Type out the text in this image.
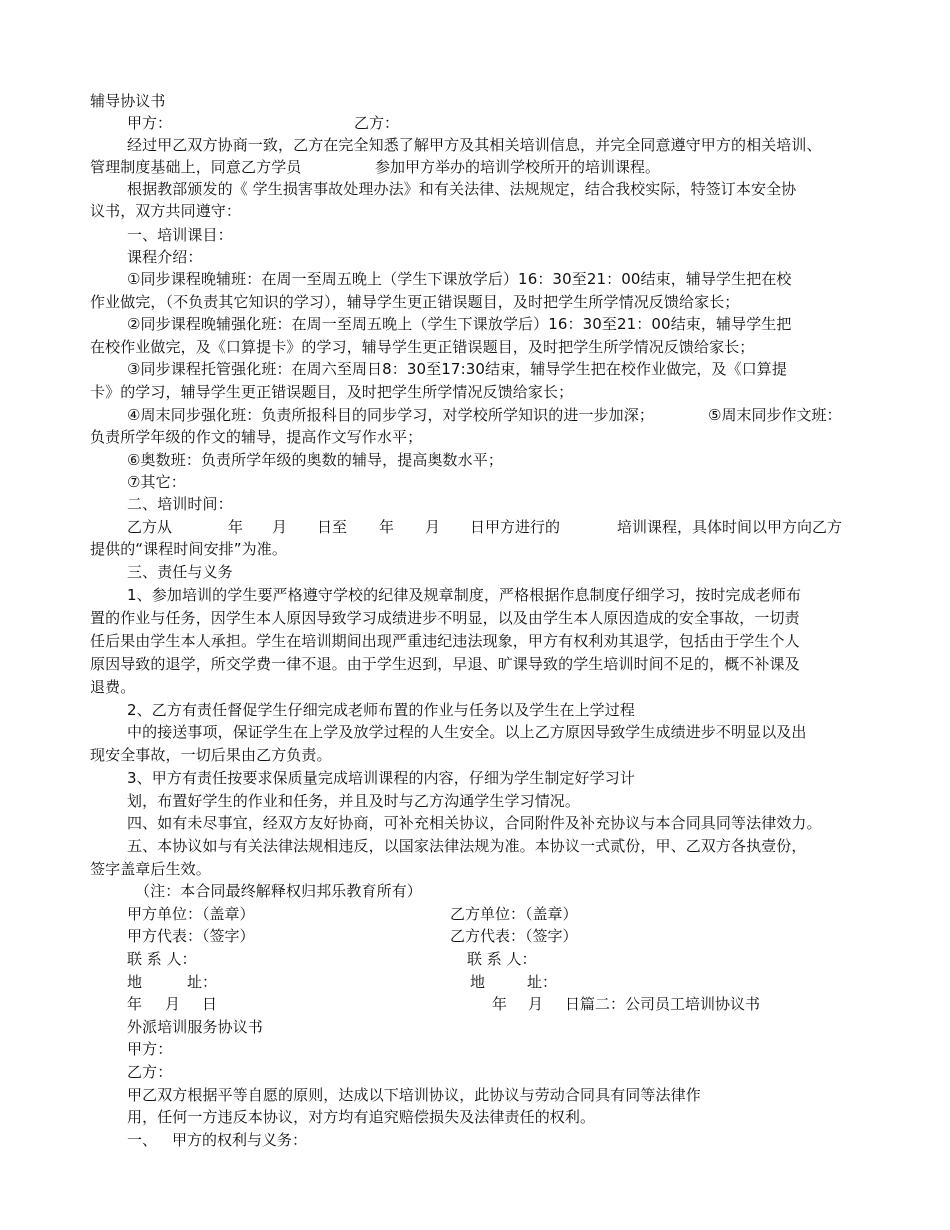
辅导协议书
甲方：	乙方：
经过甲乙双方协商一致，乙方在完全知悉了解甲方及其相关培训信息，并完全同意遵守甲方的相关培训、
管理制度基础上，同意乙方学员	参加甲方举办的培训学校所开的培训课程。
根据教部颁发的《 学生损害事故处理办法》和有关法律、法规规定，结合我校实际，特签订本安全协
议书，双方共同遵守：
一、培训课目：
课程介绍：
①同步课程晚辅班：在周一至周五晚上（学生下课放学后）16：30至21：00结束，辅导学生把在校
作业做完，（不负责其它知识的学习），辅导学生更正错误题目，及时把学生所学情况反馈给家长；
②同步课程晚辅强化班：在周一至周五晚上（学生下课放学后）16：30至21：00结束，辅导学生把
在校作业做完，及《口算提卡》的学习，辅导学生更正错误题目，及时把学生所学情况反馈给家长；
③同步课程托管强化班：在周六至周日8：30至17:30结束，辅导学生把在校作业做完，及《口算提
卡》的学习，辅导学生更正错误题目，及时把学生所学情况反馈给家长；
④周末同步强化班：负责所报科目的同步学习，对学校所学知识的进一步加深；	⑤周末同步作文班：
负责所学年级的作文的辅导，提高作文写作水平；
⑥奥数班：负责所学年级的奥数的辅导，提高奥数水平；
⑦其它：
二、培训时间：
乙方从	年 月 日至 年 月 日甲方进行的	培训课程，具体时间以甲方向乙方
提供的“课程时间安排”为准。
三、责任与义务
1、参加培训的学生要严格遵守学校的纪律及规章制度，严格根据作息制度仔细学习，按时完成老师布
置的作业与任务，因学生本人原因导致学习成绩进步不明显，以及由学生本人原因造成的安全事故，一切责
任后果由学生本人承担。学生在培训期间出现严重违纪违法现象，甲方有权利劝其退学，包括由于学生个人
原因导致的退学，所交学费一律不退。由于学生迟到，早退、旷课导致的学生培训时间不足的，概不补课及
退费。
2、乙方有责任督促学生仔细完成老师布置的作业与任务以及学生在上学过程
中的接送事项，保证学生在上学及放学过程的人生安全。以上乙方原因导致学生成绩进步不明显以及出
现安全事故，一切后果由乙方负责。
3、甲方有责任按要求保质量完成培训课程的内容，仔细为学生制定好学习计
划，布置好学生的作业和任务，并且及时与乙方沟通学生学习情况。
四、如有未尽事宜，经双方友好协商，可补充相关协议，合同附件及补充协议与本合同具同等法律效力。
五、本协议如与有关法律法规相违反，以国家法律法规为准。本协议一式贰份，甲、乙双方各执壹份，
签字盖章后生效。
（注：本合同最终解释权归邦乐教育所有）
甲方单位：（盖章）	乙方单位：（盖章）
甲方代表：（签字）	乙方代表：（签字）
联 系 人：	联 系 人：
地	址：	地	址：
年 月 日	年 月 日篇二：公司员工培训协议书
外派培训服务协议书
甲方：
乙方：
甲乙双方根据平等自愿的原则，达成以下培训协议，此协议与劳动合同具有同等法律作
用，任何一方违反本协议，对方均有追究赔偿损失及法律责任的权利。
一、 甲方的权利与义务：
